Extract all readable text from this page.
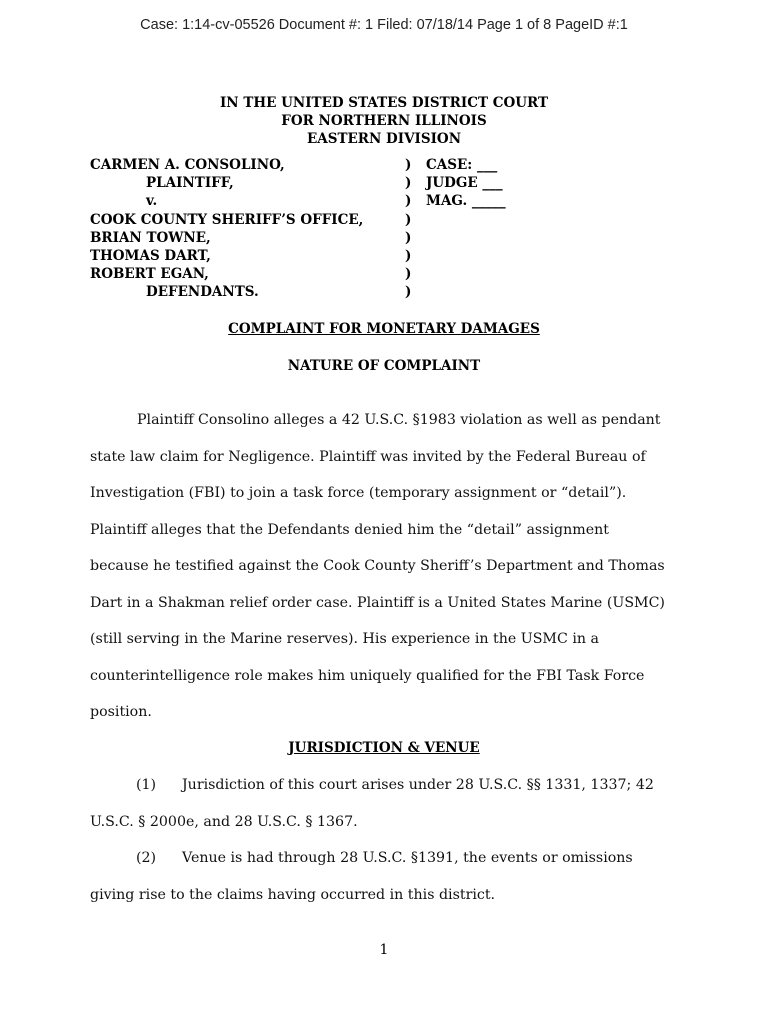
Case: 1:14-cv-05526 Document #: 1 Filed: 07/18/14 Page 1 of 8 PageID #:1
IN THE UNITED STATES DISTRICT COURT
FOR NORTHERN ILLINOIS
EASTERN DIVISION
CARMEN A. CONSOLINO,	) CASE: ___
PLAINTIFF,	) JUDGE ___
v.	) MAG. _____
COOK COUNTY SHERIFF’S OFFICE,	)
BRIAN TOWNE,	)
THOMAS DART,	)
ROBERT EGAN,	)
DEFENDANTS.	)
COMPLAINT FOR MONETARY DAMAGES
NATURE OF COMPLAINT
Plaintiff Consolino alleges a 42 U.S.C. §1983 violation as well as pendant
state law claim for Negligence. Plaintiff was invited by the Federal Bureau of
Investigation (FBI) to join a task force (temporary assignment or “detail”).
Plaintiff alleges that the Defendants denied him the “detail” assignment
because he testified against the Cook County Sheriff’s Department and Thomas
Dart in a Shakman relief order case. Plaintiff is a United States Marine (USMC)
(still serving in the Marine reserves). His experience in the USMC in a
counterintelligence role makes him uniquely qualified for the FBI Task Force
position.
JURISDICTION & VENUE
(1) Jurisdiction of this court arises under 28 U.S.C. §§ 1331, 1337; 42
U.S.C. § 2000e, and 28 U.S.C. § 1367.
(2) Venue is had through 28 U.S.C. §1391, the events or omissions
giving rise to the claims having occurred in this district.
1
